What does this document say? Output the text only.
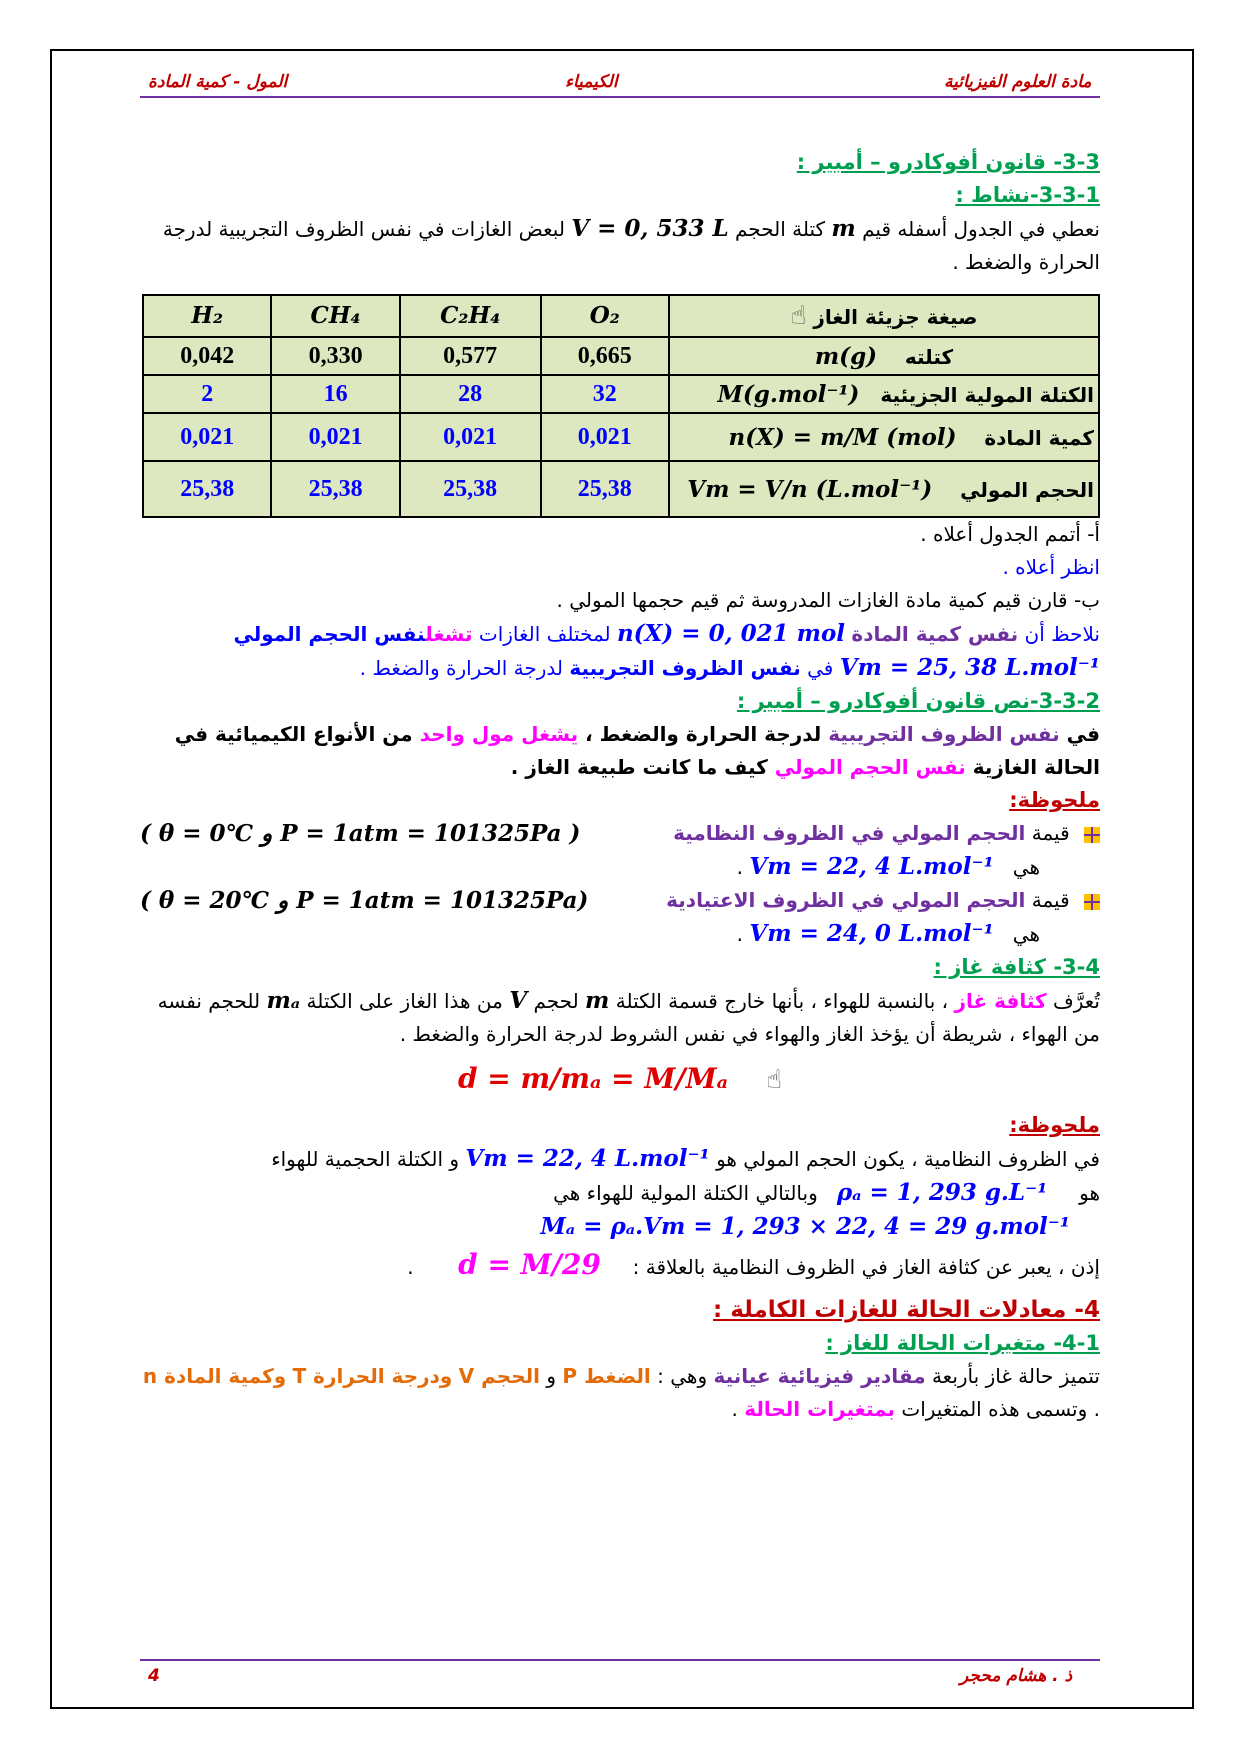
مادة العلوم الفيزيائية
الكيمياء
المول - كمية المادة

3-3- قانون أفوكادرو – أمبير :

3-3-1-نشاط :

نعطي في الجدول أسفله قيم m كتلة الحجم V = 0, 533 L لبعض الغازات في نفس الظروف التجريبية لدرجة الحرارة والضغط .

H₂	CH₄	C₂H₄	O₂	صيغة جزيئة الغاز ☝
0,042	0,330	0,577	0,665	كتلته    m(g)
2	16	28	32	الكتلة المولية الجزيئية   M(g.mol⁻¹)
0,021	0,021	0,021	0,021	كمية المادة    n(X) = m/M (mol)
25,38	25,38	25,38	25,38	الحجم المولي    Vm = V/n (L.mol⁻¹)

أ- أتمم الجدول أعلاه .

انظر أعلاه .

ب- قارن قيم كمية مادة الغازات المدروسة ثم قيم حجمها المولي .

نلاحظ أن نفس كمية المادة n(X) = 0, 021 mol لمختلف الغازات تشغلنفس الحجم المولي

Vm = 25, 38 L.mol⁻¹ في نفس الظروف التجريبية لدرجة الحرارة والضغط .

3-3-2-نص قانون أفوكادرو – أمبير :

في نفس الظروف التجريبية لدرجة الحرارة والضغط ، يشغل مول واحد من الأنواع الكيميائية في الحالة الغازية نفس الحجم المولي كيف ما كانت طبيعة الغاز .

ملحوظة:

قيمة الحجم المولي في الظروف النظامية
( θ = 0℃ و P = 1atm = 101325Pa )

هي   Vm = 22, 4 L.mol⁻¹ .

قيمة الحجم المولي في الظروف الاعتيادية
( θ = 20℃ و P = 1atm = 101325Pa)

هي   Vm = 24, 0 L.mol⁻¹ .

3-4- كثافة غاز :

تُعرَّف كثافة غاز ، بالنسبة للهواء ، بأنها خارج قسمة الكتلة m لحجم V من هذا الغاز على الكتلة mₐ للحجم نفسه من الهواء ، شريطة أن يؤخذ الغاز والهواء في نفس الشروط لدرجة الحرارة والضغط .

☝      d = m/mₐ = M/Mₐ

ملحوظة:

في الظروف النظامية ، يكون الحجم المولي هو Vm = 22, 4 L.mol⁻¹ و الكتلة الحجمية للهواء

هو     ρₐ = 1, 293 g.L⁻¹   وبالتالي الكتلة المولية للهواء هي

Mₐ = ρₐ.Vm = 1, 293 × 22, 4 = 29 g.mol⁻¹

إذن ، يعبر عن كثافة الغاز في الظروف النظامية بالعلاقة :     d = M/29       .

4- معادلات الحالة للغازات الكاملة :

4-1- متغيرات الحالة للغاز :

تتميز حالة غاز بأربعة مقادير فيزيائية عيانية وهي : الضغط P و الحجم V ودرجة الحرارة T وكمية المادة n . وتسمى هذه المتغيرات بمتغيرات الحالة .

ذ . هشام محجر
4
